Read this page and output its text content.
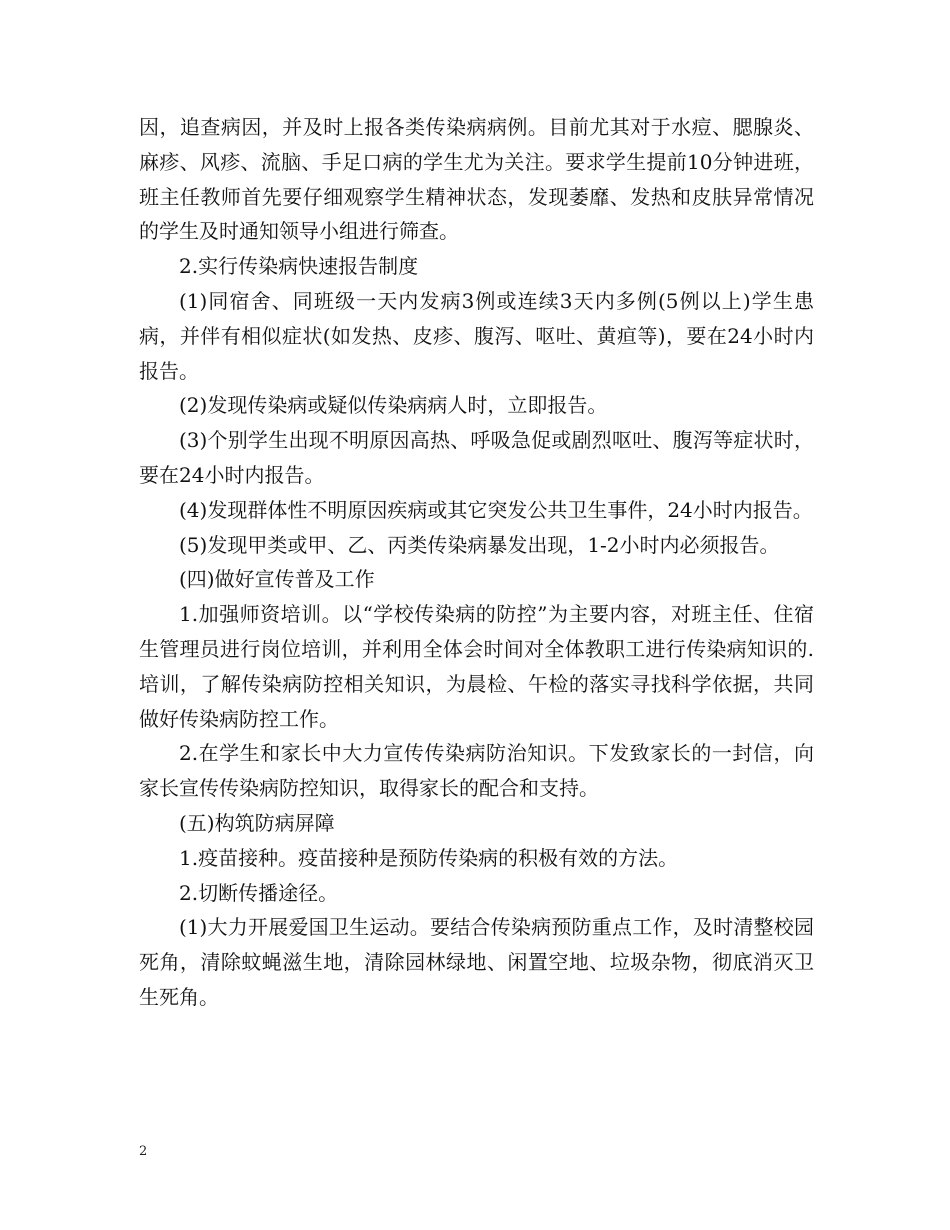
因，追查病因，并及时上报各类传染病病例。目前尤其对于水痘、腮腺炎、麻疹、风疹、流脑、手足口病的学生尤为关注。要求学生提前10分钟进班，班主任教师首先要仔细观察学生精神状态，发现萎靡、发热和皮肤异常情况的学生及时通知领导小组进行筛查。

2.实行传染病快速报告制度

(1)同宿舍、同班级一天内发病3例或连续3天内多例(5例以上)学生患病，并伴有相似症状(如发热、皮疹、腹泻、呕吐、黄疸等)，要在24小时内报告。

(2)发现传染病或疑似传染病病人时，立即报告。

(3)个别学生出现不明原因高热、呼吸急促或剧烈呕吐、腹泻等症状时，要在24小时内报告。

(4)发现群体性不明原因疾病或其它突发公共卫生事件，24小时内报告。

(5)发现甲类或甲、乙、丙类传染病暴发出现，1-2小时内必须报告。

(四)做好宣传普及工作

1.加强师资培训。以“学校传染病的防控”为主要内容，对班主任、住宿生管理员进行岗位培训，并利用全体会时间对全体教职工进行传染病知识的.培训，了解传染病防控相关知识，为晨检、午检的落实寻找科学依据，共同做好传染病防控工作。

2.在学生和家长中大力宣传传染病防治知识。下发致家长的一封信，向家长宣传传染病防控知识，取得家长的配合和支持。

(五)构筑防病屏障

1.疫苗接种。疫苗接种是预防传染病的积极有效的方法。

2.切断传播途径。

(1)大力开展爱国卫生运动。要结合传染病预防重点工作，及时清整校园死角，清除蚊蝇滋生地，清除园林绿地、闲置空地、垃圾杂物，彻底消灭卫生死角。

2
